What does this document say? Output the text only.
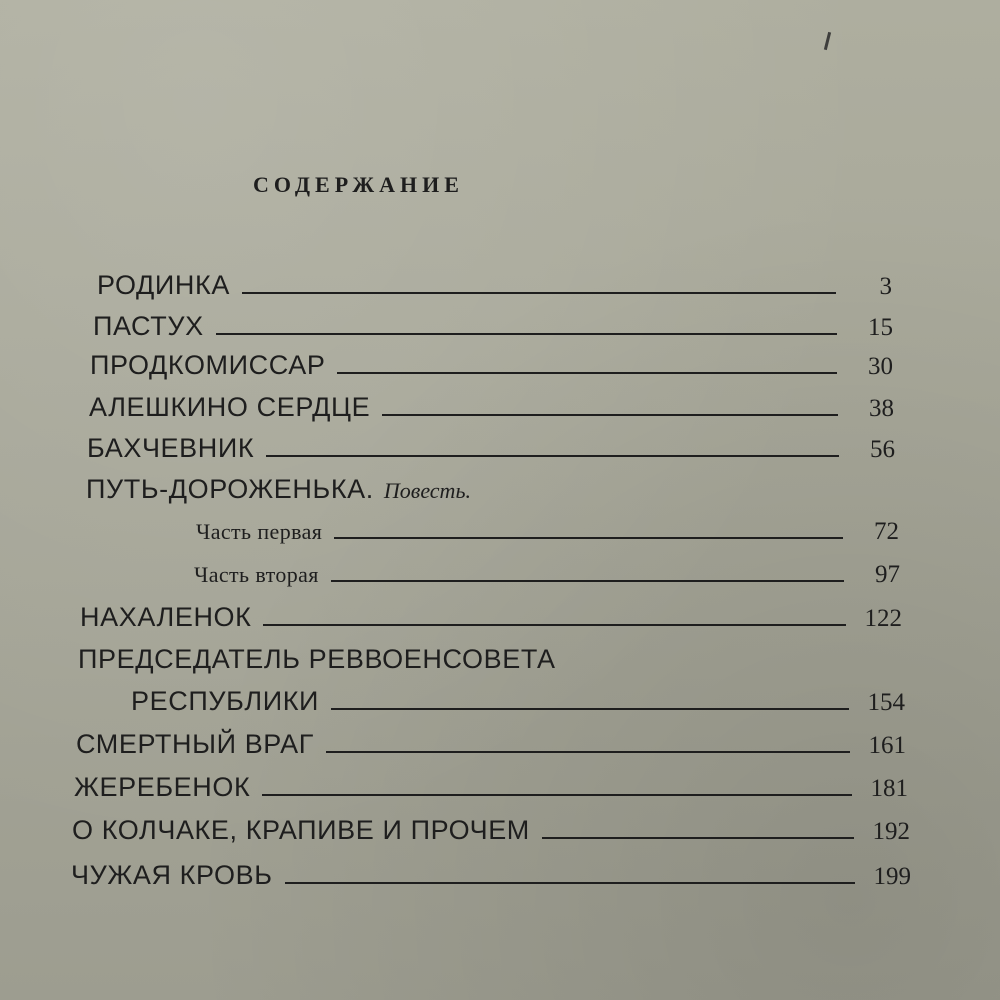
СОДЕРЖАНИЕ
РОДИНКА	3
ПАСТУХ	15
ПРОДКОМИССАР	30
АЛЕШКИНО СЕРДЦЕ	38
БАХЧЕВНИК	56
ПУТЬ-ДОРОЖЕНЬКА. Повесть.
Часть первая	72
Часть вторая	97
НАХАЛЕНОК	122
ПРЕДСЕДАТЕЛЬ РЕВВОЕНСОВЕТА
РЕСПУБЛИКИ	154
СМЕРТНЫЙ ВРАГ	161
ЖЕРЕБЕНОК	181
О КОЛЧАКЕ, КРАПИВЕ И ПРОЧЕМ	192
ЧУЖАЯ КРОВЬ	199
